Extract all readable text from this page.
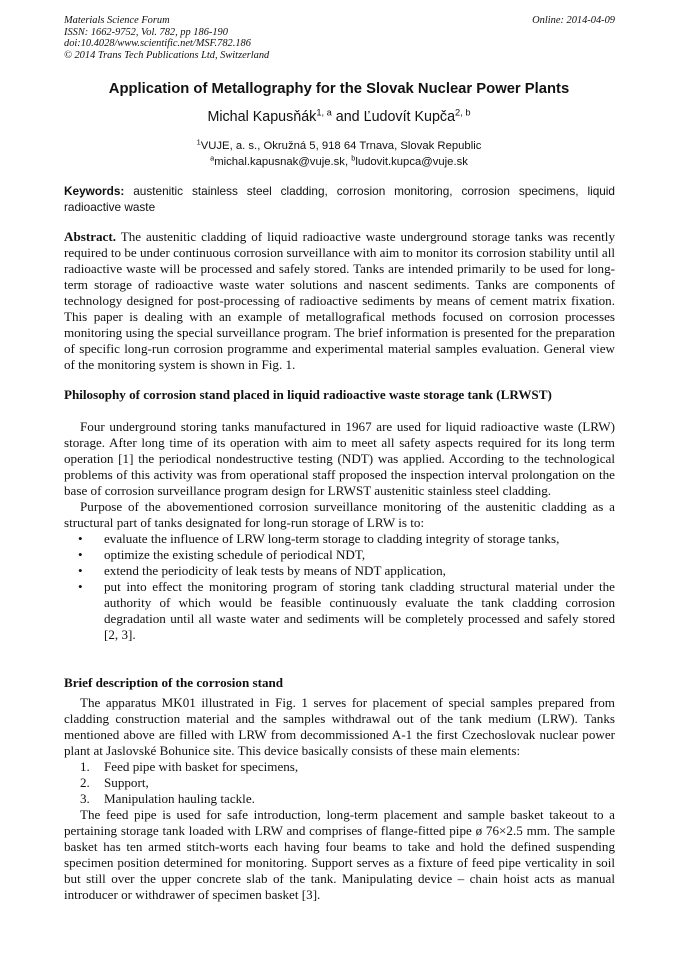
Materials Science Forum
ISSN: 1662-9752, Vol. 782, pp 186-190
doi:10.4028/www.scientific.net/MSF.782.186
© 2014 Trans Tech Publications Ltd, Switzerland
Online: 2014-04-09
Application of Metallography for the Slovak Nuclear Power Plants
Michal Kapusňák$^{1, a}$ and Ľudovít Kupča$^{2, b}$
$^1$VUJE, a. s., Okružná 5, 918 64 Trnava, Slovak Republic
$^a$michal.kapusnak@vuje.sk, $^b$ludovit.kupca@vuje.sk

Keywords: austenitic stainless steel cladding, corrosion monitoring, corrosion specimens, liquid radioactive waste

Abstract. The austenitic cladding of liquid radioactive waste underground storage tanks was recently required to be under continuous corrosion surveillance with aim to monitor its corrosion stability until all radioactive waste will be processed and safely stored. Tanks are intended primarily to be used for long-term storage of radioactive waste water solutions and nascent sediments. Tanks are components of technology designed for post-processing of radioactive sediments by means of cement matrix fixation. This paper is dealing with an example of metallografical methods focused on corrosion processes monitoring using the special surveillance program. The brief information is presented for the preparation of specific long-run corrosion programme and experimental material samples evaluation. General view of the monitoring system is shown in Fig. 1.

Philosophy of corrosion stand placed in liquid radioactive waste storage tank (LRWST)

Four underground storing tanks manufactured in 1967 are used for liquid radioactive waste (LRW) storage. After long time of its operation with aim to meet all safety aspects required for its long term operation [1] the periodical nondestructive testing (NDT) was applied. According to the technological problems of this activity was from operational staff proposed the inspection interval prolongation on the base of corrosion surveillance program design for LRWST austenitic stainless steel cladding.

Purpose of the abovementioned corrosion surveillance monitoring of the austenitic cladding as a structural part of tanks designated for long-run storage of LRW is to:

• evaluate the influence of LRW long-term storage to cladding integrity of storage tanks,
• optimize the existing schedule of periodical NDT,
• extend the periodicity of leak tests by means of NDT application,
• put into effect the monitoring program of storing tank cladding structural material under the authority of which would be feasible continuously evaluate the tank cladding corrosion degradation until all waste water and sediments will be completely processed and safely stored [2, 3].
Brief description of the corrosion stand

The apparatus MK01 illustrated in Fig. 1 serves for placement of special samples prepared from cladding construction material and the samples withdrawal out of the tank medium (LRW). Tanks mentioned above are filled with LRW from decommissioned A-1 the first Czechoslovak nuclear power plant at Jaslovské Bohunice site. This device basically consists of these main elements:

1. Feed pipe with basket for specimens,
2. Support,
3. Manipulation hauling tackle.

The feed pipe is used for safe introduction, long-term placement and sample basket takeout to a pertaining storage tank loaded with LRW and comprises of flange-fitted pipe ø 76×2.5 mm. The sample basket has ten armed stitch-worts each having four beams to take and hold the defined suspending specimen position determined for monitoring. Support serves as a fixture of feed pipe verticality in soil but still over the upper concrete slab of the tank. Manipulating device – chain hoist acts as manual introducer or withdrawer of specimen basket [3].
